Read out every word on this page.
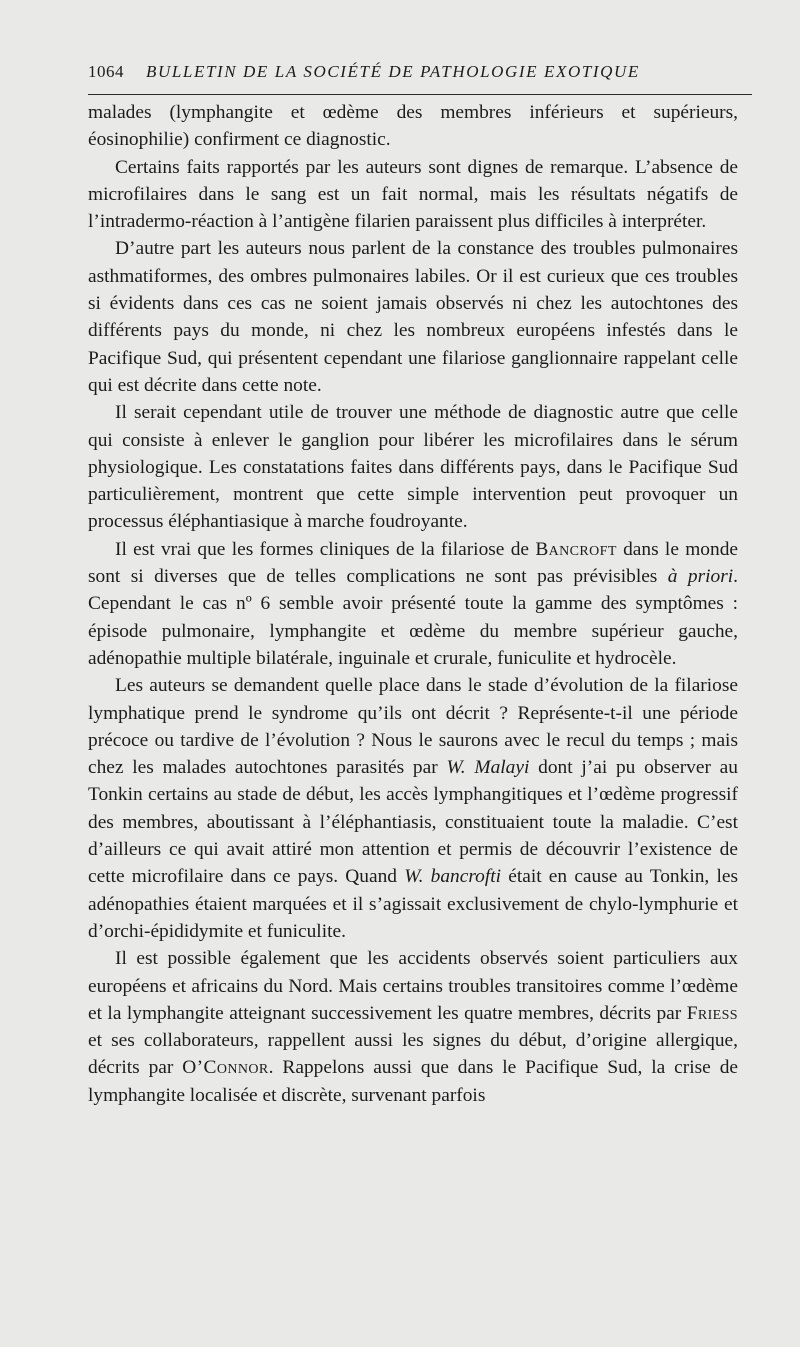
1064 BULLETIN DE LA SOCIÉTÉ DE PATHOLOGIE EXOTIQUE

malades (lymphangite et œdème des membres inférieurs et supérieurs, éosinophilie) confirment ce diagnostic.

Certains faits rapportés par les auteurs sont dignes de remarque. L’absence de microfilaires dans le sang est un fait normal, mais les résultats négatifs de l’intradermo-réaction à l’antigène filarien paraissent plus difficiles à interpréter.

D’autre part les auteurs nous parlent de la constance des troubles pulmonaires asthmatiformes, des ombres pulmonaires labiles. Or il est curieux que ces troubles si évidents dans ces cas ne soient jamais observés ni chez les autochtones des différents pays du monde, ni chez les nombreux européens infestés dans le Pacifique Sud, qui présentent cependant une filariose ganglionnaire rappelant celle qui est décrite dans cette note.

Il serait cependant utile de trouver une méthode de diagnostic autre que celle qui consiste à enlever le ganglion pour libérer les microfilaires dans le sérum physiologique. Les constatations faites dans différents pays, dans le Pacifique Sud particulièrement, montrent que cette simple intervention peut provoquer un processus éléphantiasique à marche foudroyante.

Il est vrai que les formes cliniques de la filariose de Bancroft dans le monde sont si diverses que de telles complications ne sont pas prévisibles à priori. Cependant le cas nº 6 semble avoir présenté toute la gamme des symptômes : épisode pulmonaire, lymphangite et œdème du membre supérieur gauche, adénopathie multiple bilatérale, inguinale et crurale, funiculite et hydrocèle.

Les auteurs se demandent quelle place dans le stade d’évolution de la filariose lymphatique prend le syndrome qu’ils ont décrit ? Représente-t-il une période précoce ou tardive de l’évolution ? Nous le saurons avec le recul du temps ; mais chez les malades autochtones parasités par W. Malayi dont j’ai pu observer au Tonkin certains au stade de début, les accès lymphangitiques et l’œdème progressif des membres, aboutissant à l’éléphantiasis, constituaient toute la maladie. C’est d’ailleurs ce qui avait attiré mon attention et permis de découvrir l’existence de cette microfilaire dans ce pays. Quand W. bancrofti était en cause au Tonkin, les adénopathies étaient marquées et il s’agissait exclusivement de chylo-lymphurie et d’orchi-épididymite et funiculite.

Il est possible également que les accidents observés soient particuliers aux européens et africains du Nord. Mais certains troubles transitoires comme l’œdème et la lymphangite atteignant successivement les quatre membres, décrits par Friess et ses collaborateurs, rappellent aussi les signes du début, d’origine allergique, décrits par O’Connor. Rappelons aussi que dans le Pacifique Sud, la crise de lymphangite localisée et discrète, survenant parfois
